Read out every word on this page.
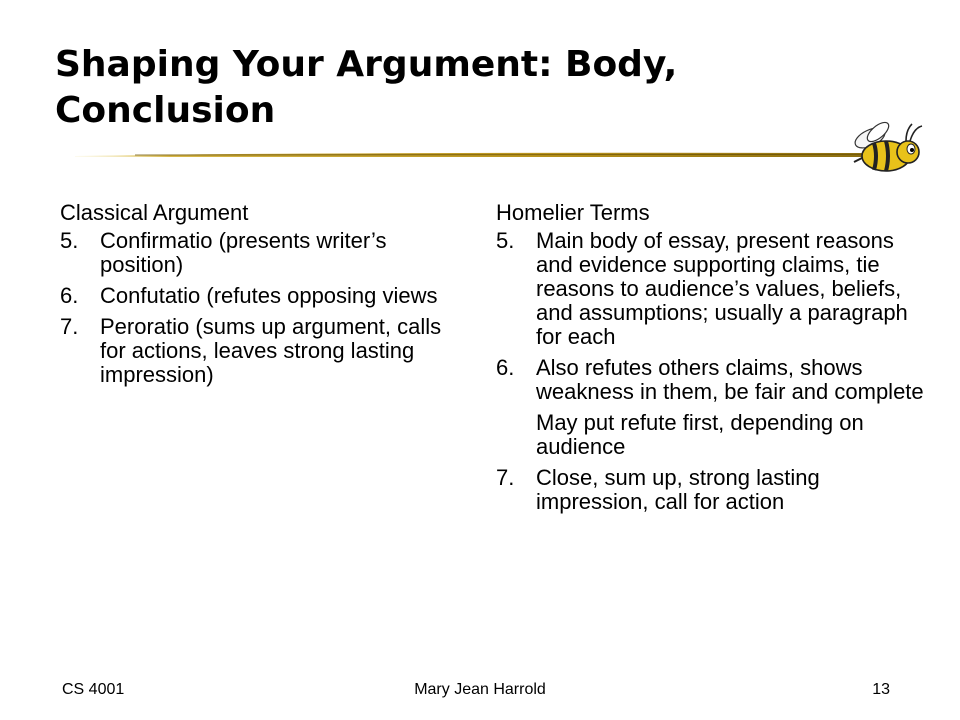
Shaping Your Argument: Body, Conclusion
Classical Argument
5. Confirmatio (presents writer’s position)
6. Confutatio (refutes opposing views
7. Peroratio (sums up argument, calls for actions, leaves strong lasting impression)
Homelier Terms
5. Main body of essay, present reasons and evidence supporting claims, tie reasons to audience’s values, beliefs, and assumptions; usually a paragraph for each
6. Also refutes others claims, shows weakness in them, be fair and complete
May put refute first, depending on audience
7. Close, sum up, strong lasting impression, call for action
CS 4001	Mary Jean Harrold	13
